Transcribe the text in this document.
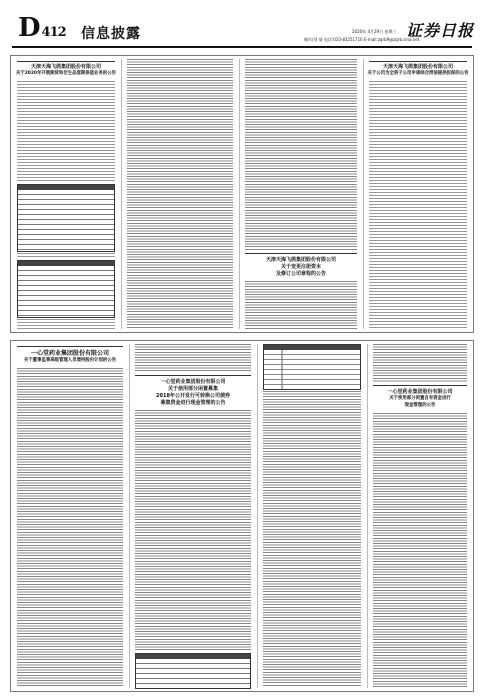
D 412 信息披露	2020年 4月29日 星期三
制作/刘 倩 电话:010-83251716 E-mail:zqrb9@zqrb.sina.net
证券日报
天津天海飞鸽集团股份有限公司
关于2020年开展期货和衍生品套期保值业务的公告
天津天海飞鸽集团股份有限公司
关于变更注册资本
及修订公司章程的公告
天津天海飞鸽集团股份有限公司
关于公司为全资子公司申请综合授信提供担保的公告
一心堂药业集团股份有限公司
关于董事监事高级管理人员增持股份计划的公告
一心堂药业集团股份有限公司
关于使用部分闲置募集
2018年公开发行可转换公司债券
募集资金进行现金管理的公告
一心堂药业集团股份有限公司
关于使用部分闲置自有资金进行
现金管理的公告
